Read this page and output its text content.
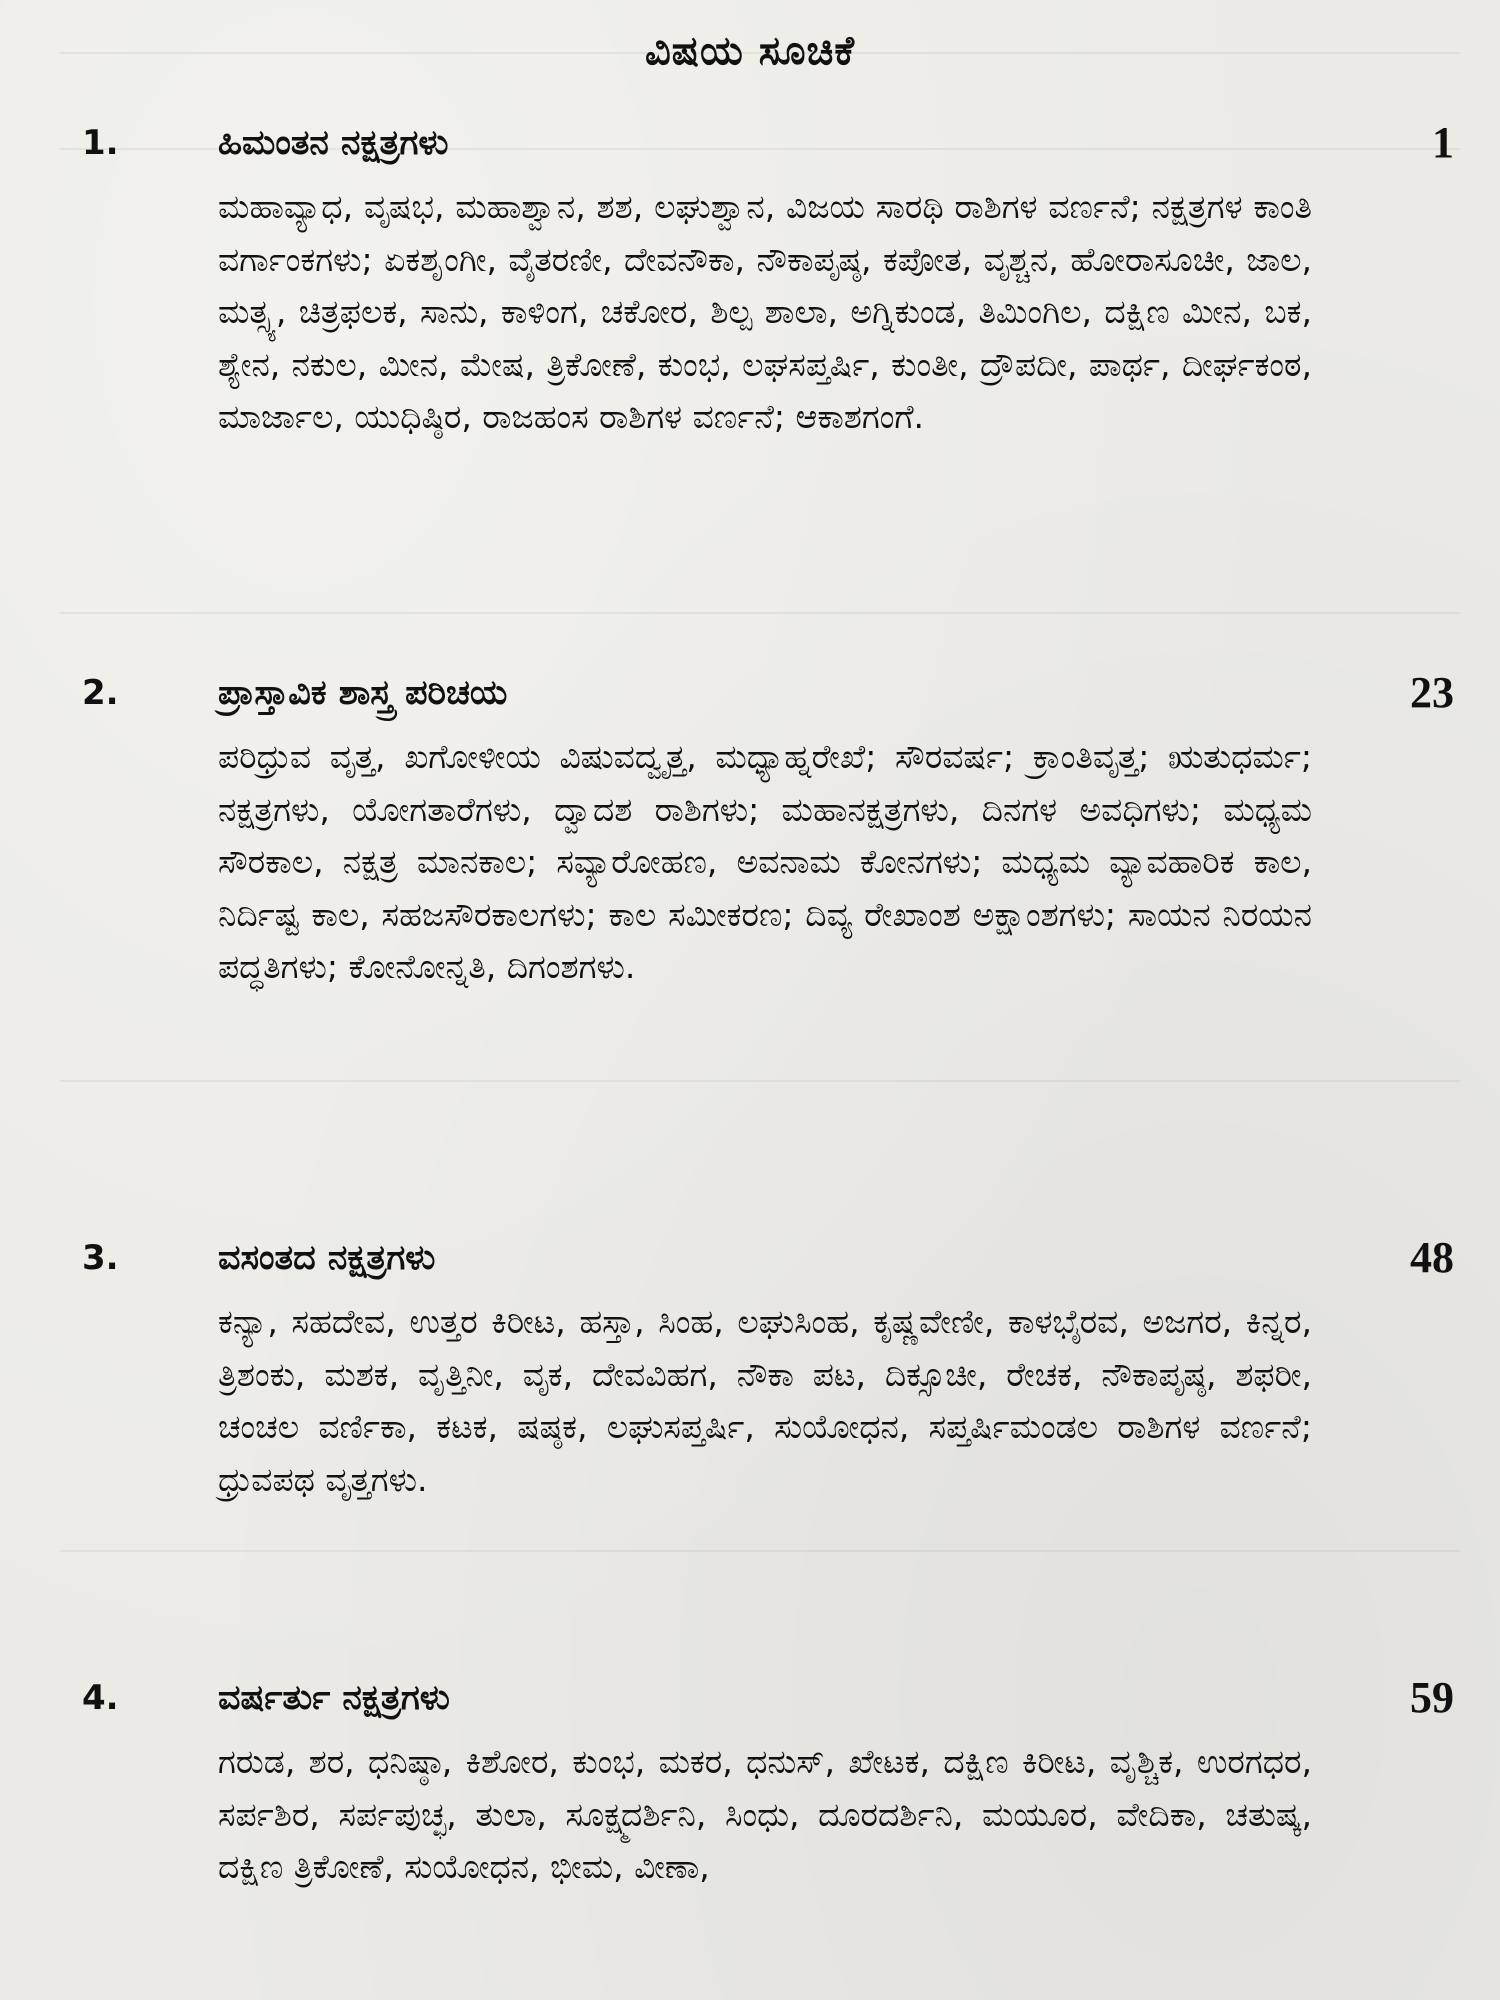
ವಿಷಯ ಸೂಚಿಕೆ
1.	ಹಿಮಂತನ ನಕ್ಷತ್ರಗಳು	1
ಮಹಾವ್ಯಾಧ, ವೃಷಭ, ಮಹಾಶ್ವಾನ, ಶಶ, ಲಘುಶ್ವಾನ, ವಿಜಯ ಸಾರಥಿ ರಾಶಿಗಳ ವರ್ಣನೆ; ನಕ್ಷತ್ರಗಳ ಕಾಂತಿ ವರ್ಗಾಂಕಗಳು; ಏಕಶೃಂಗೀ, ವೈತರಣೀ, ದೇವನೌಕಾ, ನೌಕಾಪೃಷ್ಠ, ಕಪೋತ, ವೃಶ್ಚನ, ಹೋರಾಸೂಚೀ, ಜಾಲ, ಮತ್ಸ್ಯ, ಚಿತ್ರಫಲಕ, ಸಾನು, ಕಾಳಿಂಗ, ಚಕೋರ, ಶಿಲ್ಪ ಶಾಲಾ, ಅಗ್ನಿಕುಂಡ, ತಿಮಿಂಗಿಲ, ದಕ್ಷಿಣ ಮೀನ, ಬಕ, ಶ್ಯೇನ, ನಕುಲ, ಮೀನ, ಮೇಷ, ತ್ರಿಕೋಣೆ, ಕುಂಭ, ಲಘಸಪ್ತರ್ಷಿ, ಕುಂತೀ, ದ್ರೌಪದೀ, ಪಾರ್ಥ, ದೀರ್ಘಕಂಠ, ಮಾರ್ಜಾಲ, ಯುಧಿಷ್ಠಿರ, ರಾಜಹಂಸ ರಾಶಿಗಳ ವರ್ಣನೆ; ಆಕಾಶಗಂಗೆ.
2.	ಪ್ರಾಸ್ತಾವಿಕ ಶಾಸ್ತ್ರ ಪರಿಚಯ	23
ಪರಿಧ್ರುವ ವೃತ್ತ, ಖಗೋಳೀಯ ವಿಷುವದ್ವೃತ್ತ, ಮಧ್ಯಾಹ್ನರೇಖೆ; ಸೌರವರ್ಷ; ಕ್ರಾಂತಿವೃತ್ತ; ಋತುಧರ್ಮ; ನಕ್ಷತ್ರಗಳು, ಯೋಗತಾರೆಗಳು, ದ್ವಾದಶ ರಾಶಿಗಳು; ಮಹಾನಕ್ಷತ್ರಗಳು, ದಿನಗಳ ಅವಧಿಗಳು; ಮಧ್ಯಮ ಸೌರಕಾಲ, ನಕ್ಷತ್ರ ಮಾನಕಾಲ; ಸವ್ಯಾರೋಹಣ, ಅವನಾಮ ಕೋನಗಳು; ಮಧ್ಯಮ ವ್ಯಾವಹಾರಿಕ ಕಾಲ, ನಿರ್ದಿಷ್ಟ ಕಾಲ, ಸಹಜಸೌರಕಾಲಗಳು; ಕಾಲ ಸಮೀಕರಣ; ದಿವ್ಯ ರೇಖಾಂಶ ಅಕ್ಷಾಂಶಗಳು; ಸಾಯನ ನಿರಯನ ಪದ್ಧತಿಗಳು; ಕೋನೋನ್ನತಿ, ದಿಗಂಶಗಳು.
3.	ವಸಂತದ ನಕ್ಷತ್ರಗಳು	48
ಕನ್ಯಾ, ಸಹದೇವ, ಉತ್ತರ ಕಿರೀಟ, ಹಸ್ತಾ, ಸಿಂಹ, ಲಘುಸಿಂಹ, ಕೃಷ್ಣವೇಣೀ, ಕಾಳಭೈರವ, ಅಜಗರ, ಕಿನ್ನರ, ತ್ರಿಶಂಕು, ಮಶಕ, ವೃತ್ತಿನೀ, ವೃಕ, ದೇವವಿಹಗ, ನೌಕಾ ಪಟ, ದಿಕ್ಸೂಚೀ, ರೇಚಕ, ನೌಕಾಪೃಷ್ಠ, ಶಫರೀ, ಚಂಚಲ ವರ್ಣಿಕಾ, ಕಟಕ, ಷಷ್ಠಕ, ಲಘುಸಪ್ತರ್ಷಿ, ಸುಯೋಧನ, ಸಪ್ತರ್ಷಿಮಂಡಲ ರಾಶಿಗಳ ವರ್ಣನೆ; ಧ್ರುವಪಥ ವೃತ್ತಗಳು.
4.	ವರ್ಷರ್ತು ನಕ್ಷತ್ರಗಳು	59
ಗರುಡ, ಶರ, ಧನಿಷ್ಠಾ, ಕಿಶೋರ, ಕುಂಭ, ಮಕರ, ಧನುಸ್, ಖೇಟಕ, ದಕ್ಷಿಣ ಕಿರೀಟ, ವೃಶ್ಚಿಕ, ಉರಗಧರ, ಸರ್ಪಶಿರ, ಸರ್ಪಪುಚ್ಛ, ತುಲಾ, ಸೂಕ್ಷ್ಮದರ್ಶಿನಿ, ಸಿಂಧು, ದೂರದರ್ಶಿನಿ, ಮಯೂರ, ವೇದಿಕಾ, ಚತುಷ್ಕ, ದಕ್ಷಿಣ ತ್ರಿಕೋಣೆ, ಸುಯೋಧನ, ಭೀಮ, ವೀಣಾ,
